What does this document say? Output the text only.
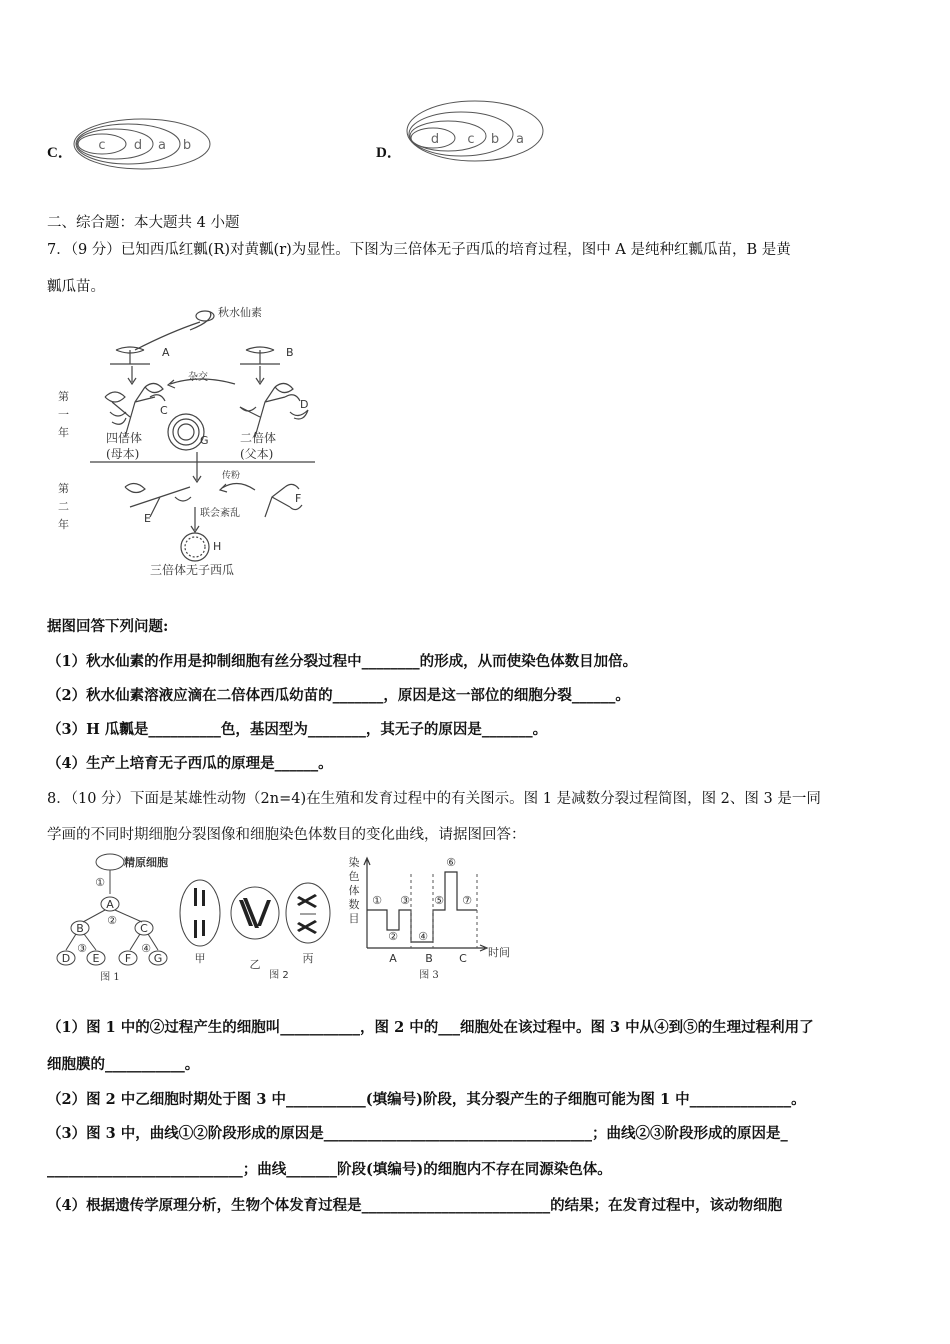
C． c d a b	D．
d c b a
二、综合题：本大题共 4 小题
7．（9 分）已知西瓜红瓤(R)对黄瓤(r)为显性。下图为三倍体无子西瓜的培育过程，图中 A 是纯种红瓤瓜苗，B 是黄
瓤瓜苗。
秋水仙素
A	B
杂交
C	D
G
四倍体
(母本)
二倍体
(父本)
第
一
年
第
二
年
传粉
E
F
联会紊乱
H
三倍体无子西瓜
据图回答下列问题:
（1）秋水仙素的作用是抑制细胞有丝分裂过程中________的形成，从而使染色体数目加倍。
（2）秋水仙素溶液应滴在二倍体西瓜幼苗的_______，原因是这一部位的细胞分裂______。
（3）H 瓜瓤是__________色，基因型为________，其无子的原因是_______。
（4）生产上培育无子西瓜的原理是______。
8．（10 分）下面是某雄性动物（2n=4)在生殖和发育过程中的有关图示。图 1 是减数分裂过程简图，图 2、图 3 是一同
学画的不同时期细胞分裂图像和细胞染色体数目的变化曲线，请据图回答：
精原细胞
①
A
②
B	C
③	④
D E F G
图 1
甲	乙	丙
图 2
染
色
体
数
目
①
②
③
④
⑤
⑥
⑦
A	B C 时间
图 3
（1）图 1 中的②过程产生的细胞叫___________，图 2 中的___细胞处在该过程中。图 3 中从④到⑤的生理过程利用了
细胞膜的___________。
（2）图 2 中乙细胞时期处于图 3 中___________(填编号)阶段，其分裂产生的子细胞可能为图 1 中______________。
（3）图 3 中，曲线①②阶段形成的原因是_____________________________________；曲线②③阶段形成的原因是_
___________________________；曲线_______阶段(填编号)的细胞内不存在同源染色体。
（4）根据遗传学原理分析，生物个体发育过程是__________________________的结果；在发育过程中，该动物细胞
